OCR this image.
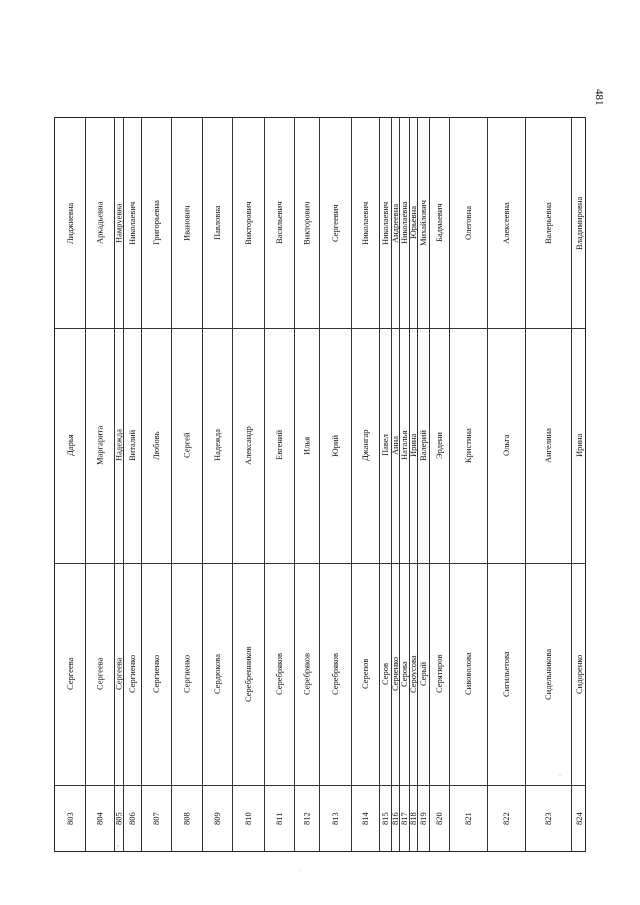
481
803
Сергеева
Дарья
Лиджиевна
804
Сергеева
Маргарита
Аркадьевна
805
Сергеева
Надежда
Намруевна
806
Сергиенко
Виталий
Николаевич
807
Сергиенко
Любовь
Григорьевна
808
Сергиенко
Сергей
Иванович
809
Сердюкова
Надежда
Павловна
810
Серебренников
Александр
Викторович
811
Серебряков
Евгений
Васильевич
812
Серебряков
Илья
Викторович
813
Серебряков
Юрий
Сергеевич
814
Серепов
Джангар
Николаевич
815
Серов
Павел
Николаевич
816
Серченко
Анна
Андреевна
817
Серова
Наталья
Николаевна
818
Сероусова
Ирина
Юрьевна
819
Серый
Валерий
Михайлович
820
Серятиров
Эрдени
Бадмаевич
821
Сивоволова
Кристина
Олеговна
822
Сигильетова
Ольга
Алексеевна
823
Сидельникова
Ангелина
Валерьевна
824
Сидоренко
Ирина
Владимировна
